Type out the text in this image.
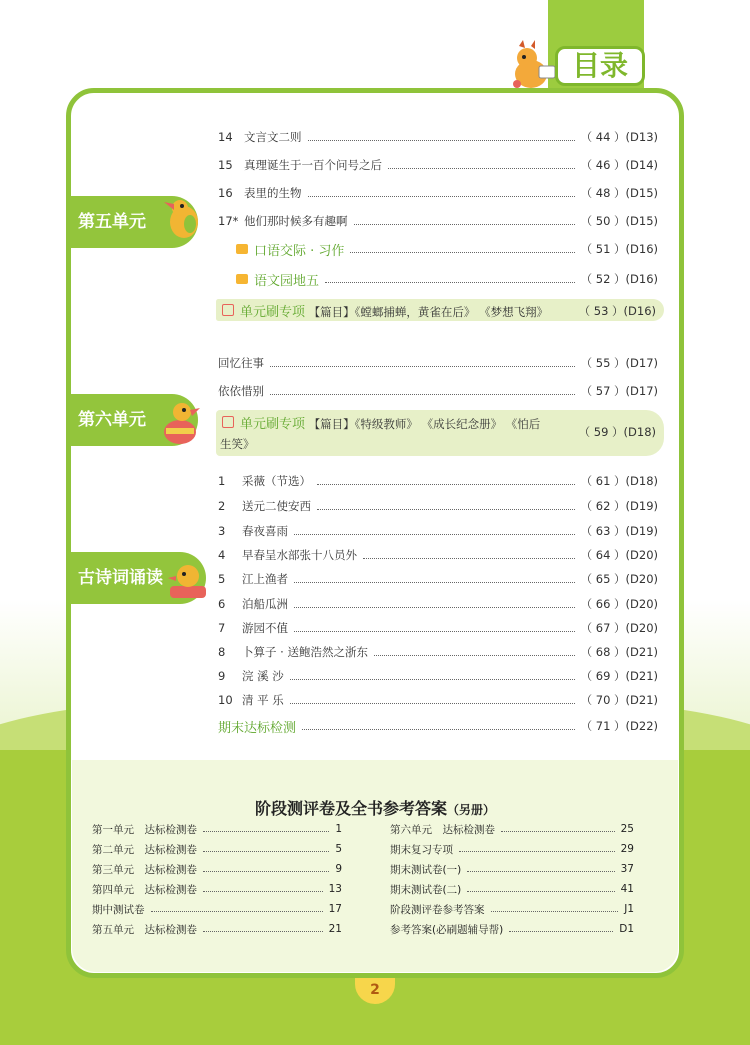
目录
第五单元
第六单元
古诗词诵读
14 文言文二则	（ 44 ）(D13)
15 真理诞生于一百个问号之后	（ 46 ）(D14)
16 表里的生物	（ 48 ）(D15)
17* 他们那时候多有趣啊	（ 50 ）(D15)
口语交际 · 习作	（ 51 ）(D16)
语文园地五	（ 52 ）(D16)
单元刷专项 【篇目】《螳螂捕蝉，黄雀在后》 《梦想飞翔》	（ 53 ）(D16)
回忆往事	（ 55 ）(D17)
依依惜别	（ 57 ）(D17)
单元刷专项 【篇目】《特级教师》 《成长纪念册》 《怕后
生笑》
（ 59 ）(D18)
1	采薇（节选）	（ 61 ）(D18)
2	送元二使安西	（ 62 ）(D19)
3	春夜喜雨	（ 63 ）(D19)
4	早春呈水部张十八员外	（ 64 ）(D20)
5	江上渔者	（ 65 ）(D20)
6	泊船瓜洲	（ 66 ）(D20)
7	游园不值	（ 67 ）(D20)
8	卜算子 · 送鲍浩然之浙东	（ 68 ）(D21)
9	浣 溪 沙	（ 69 ）(D21)
10 清 平 乐	（ 70 ）(D21)
期末达标检测	（ 71 ）(D22)
阶段测评卷及全书参考答案（另册）
第一单元　达标检测卷	1
第二单元　达标检测卷	5
第三单元　达标检测卷	9
第四单元　达标检测卷	13
期中测试卷	17
第五单元　达标检测卷	21
第六单元　达标检测卷	25
期末复习专项	29
期末测试卷(一)	37
期末测试卷(二)	41
阶段测评卷参考答案	J1
参考答案(必刷题辅导帮)	D1
2
